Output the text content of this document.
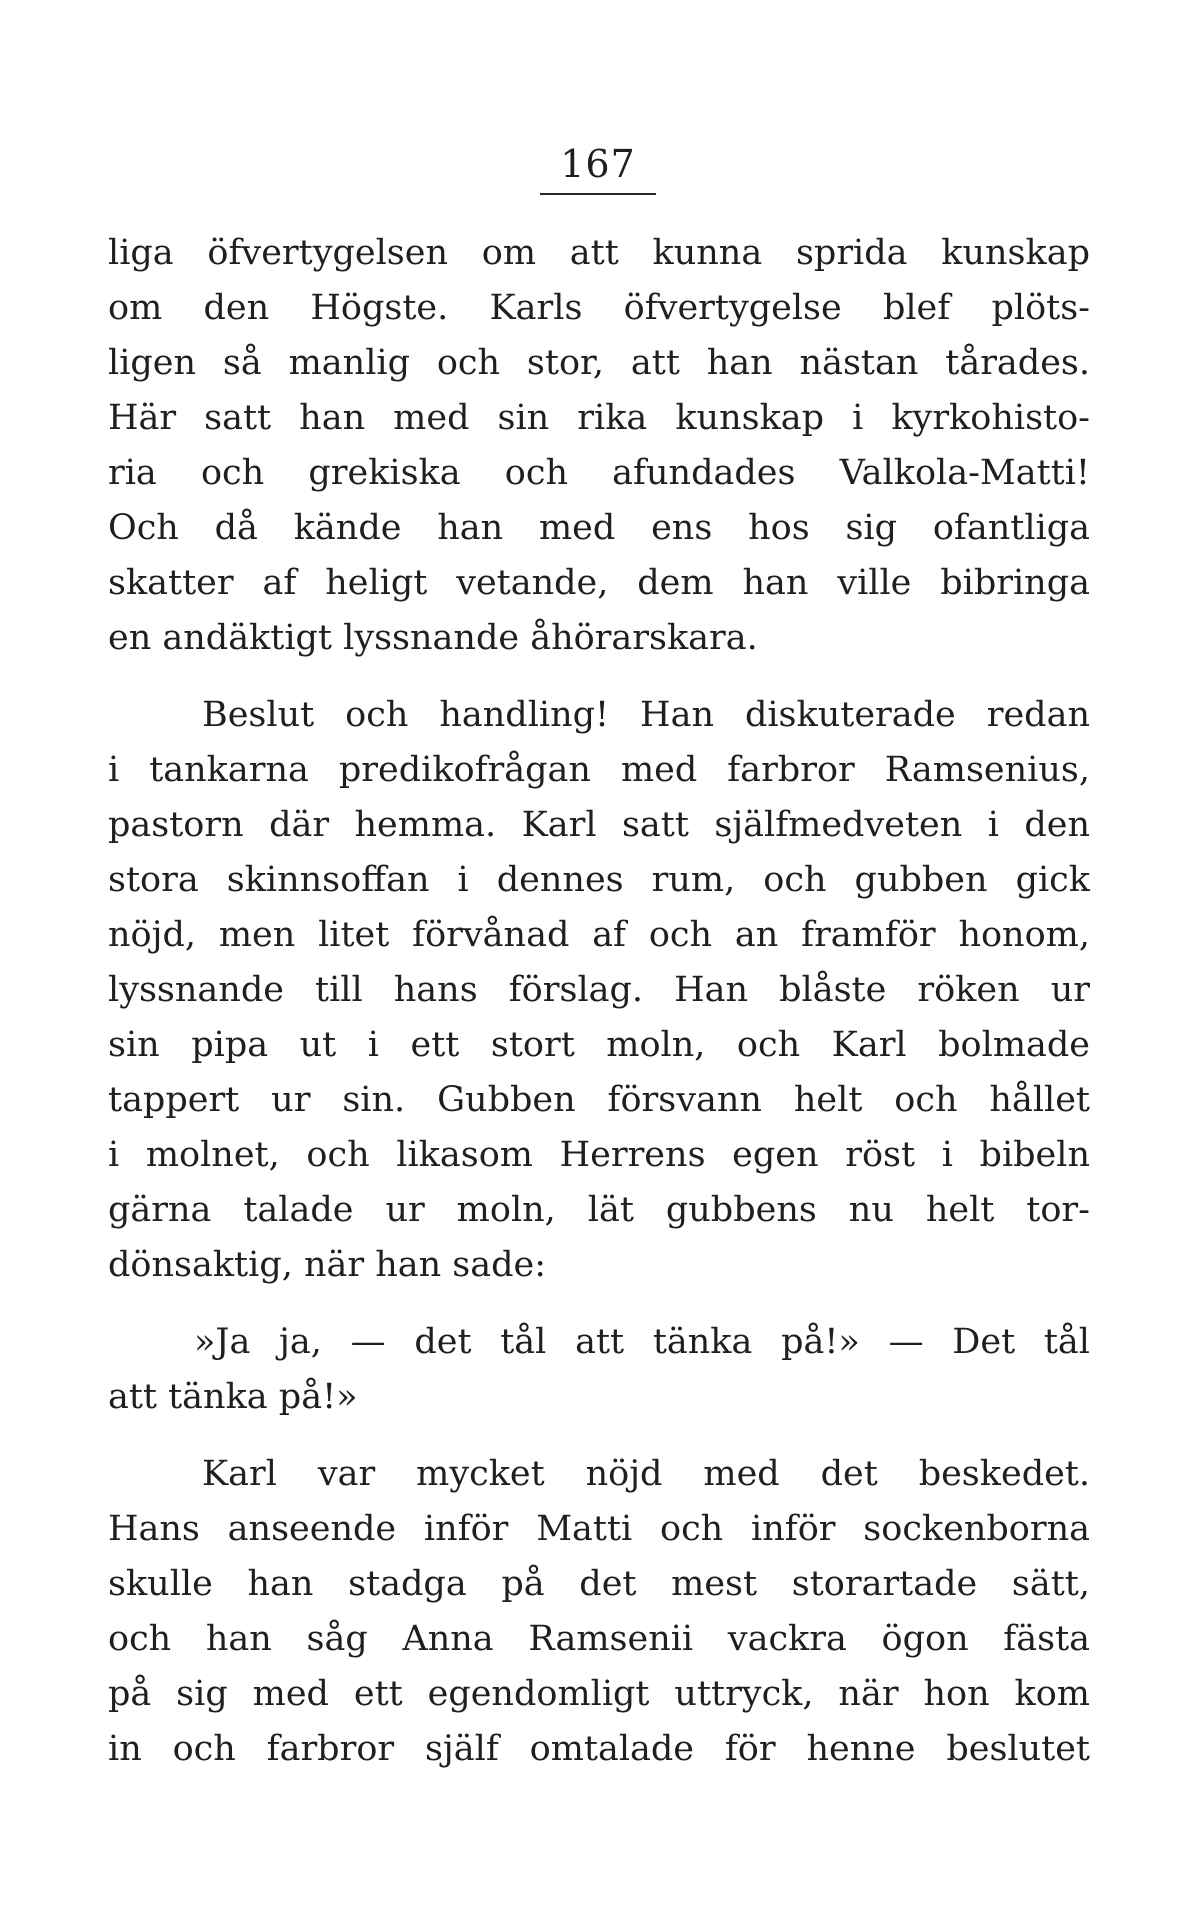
167
liga öfvertygelsen om att kunna sprida kunskap
om den Högste. Karls öfvertygelse blef plöts-
ligen så manlig och stor, att han nästan tårades.
Här satt han med sin rika kunskap i kyrkohisto-
ria och grekiska och afundades Valkola-Matti!
Och då kände han med ens hos sig ofantliga
skatter af heligt vetande, dem han ville bibringa
en andäktigt lyssnande åhörarskara.
Beslut och handling! Han diskuterade redan
i tankarna predikofrågan med farbror Ramsenius,
pastorn där hemma. Karl satt själfmedveten i den
stora skinnsoffan i dennes rum, och gubben gick
nöjd, men litet förvånad af och an framför honom,
lyssnande till hans förslag. Han blåste röken ur
sin pipa ut i ett stort moln, och Karl bolmade
tappert ur sin. Gubben försvann helt och hållet
i molnet, och likasom Herrens egen röst i bibeln
gärna talade ur moln, lät gubbens nu helt tor-
dönsaktig, när han sade:
»Ja ja, — det tål att tänka på!» — Det tål
att tänka på!»
Karl var mycket nöjd med det beskedet.
Hans anseende inför Matti och inför sockenborna
skulle han stadga på det mest storartade sätt,
och han såg Anna Ramsenii vackra ögon fästa
på sig med ett egendomligt uttryck, när hon kom
in och farbror själf omtalade för henne beslutet
